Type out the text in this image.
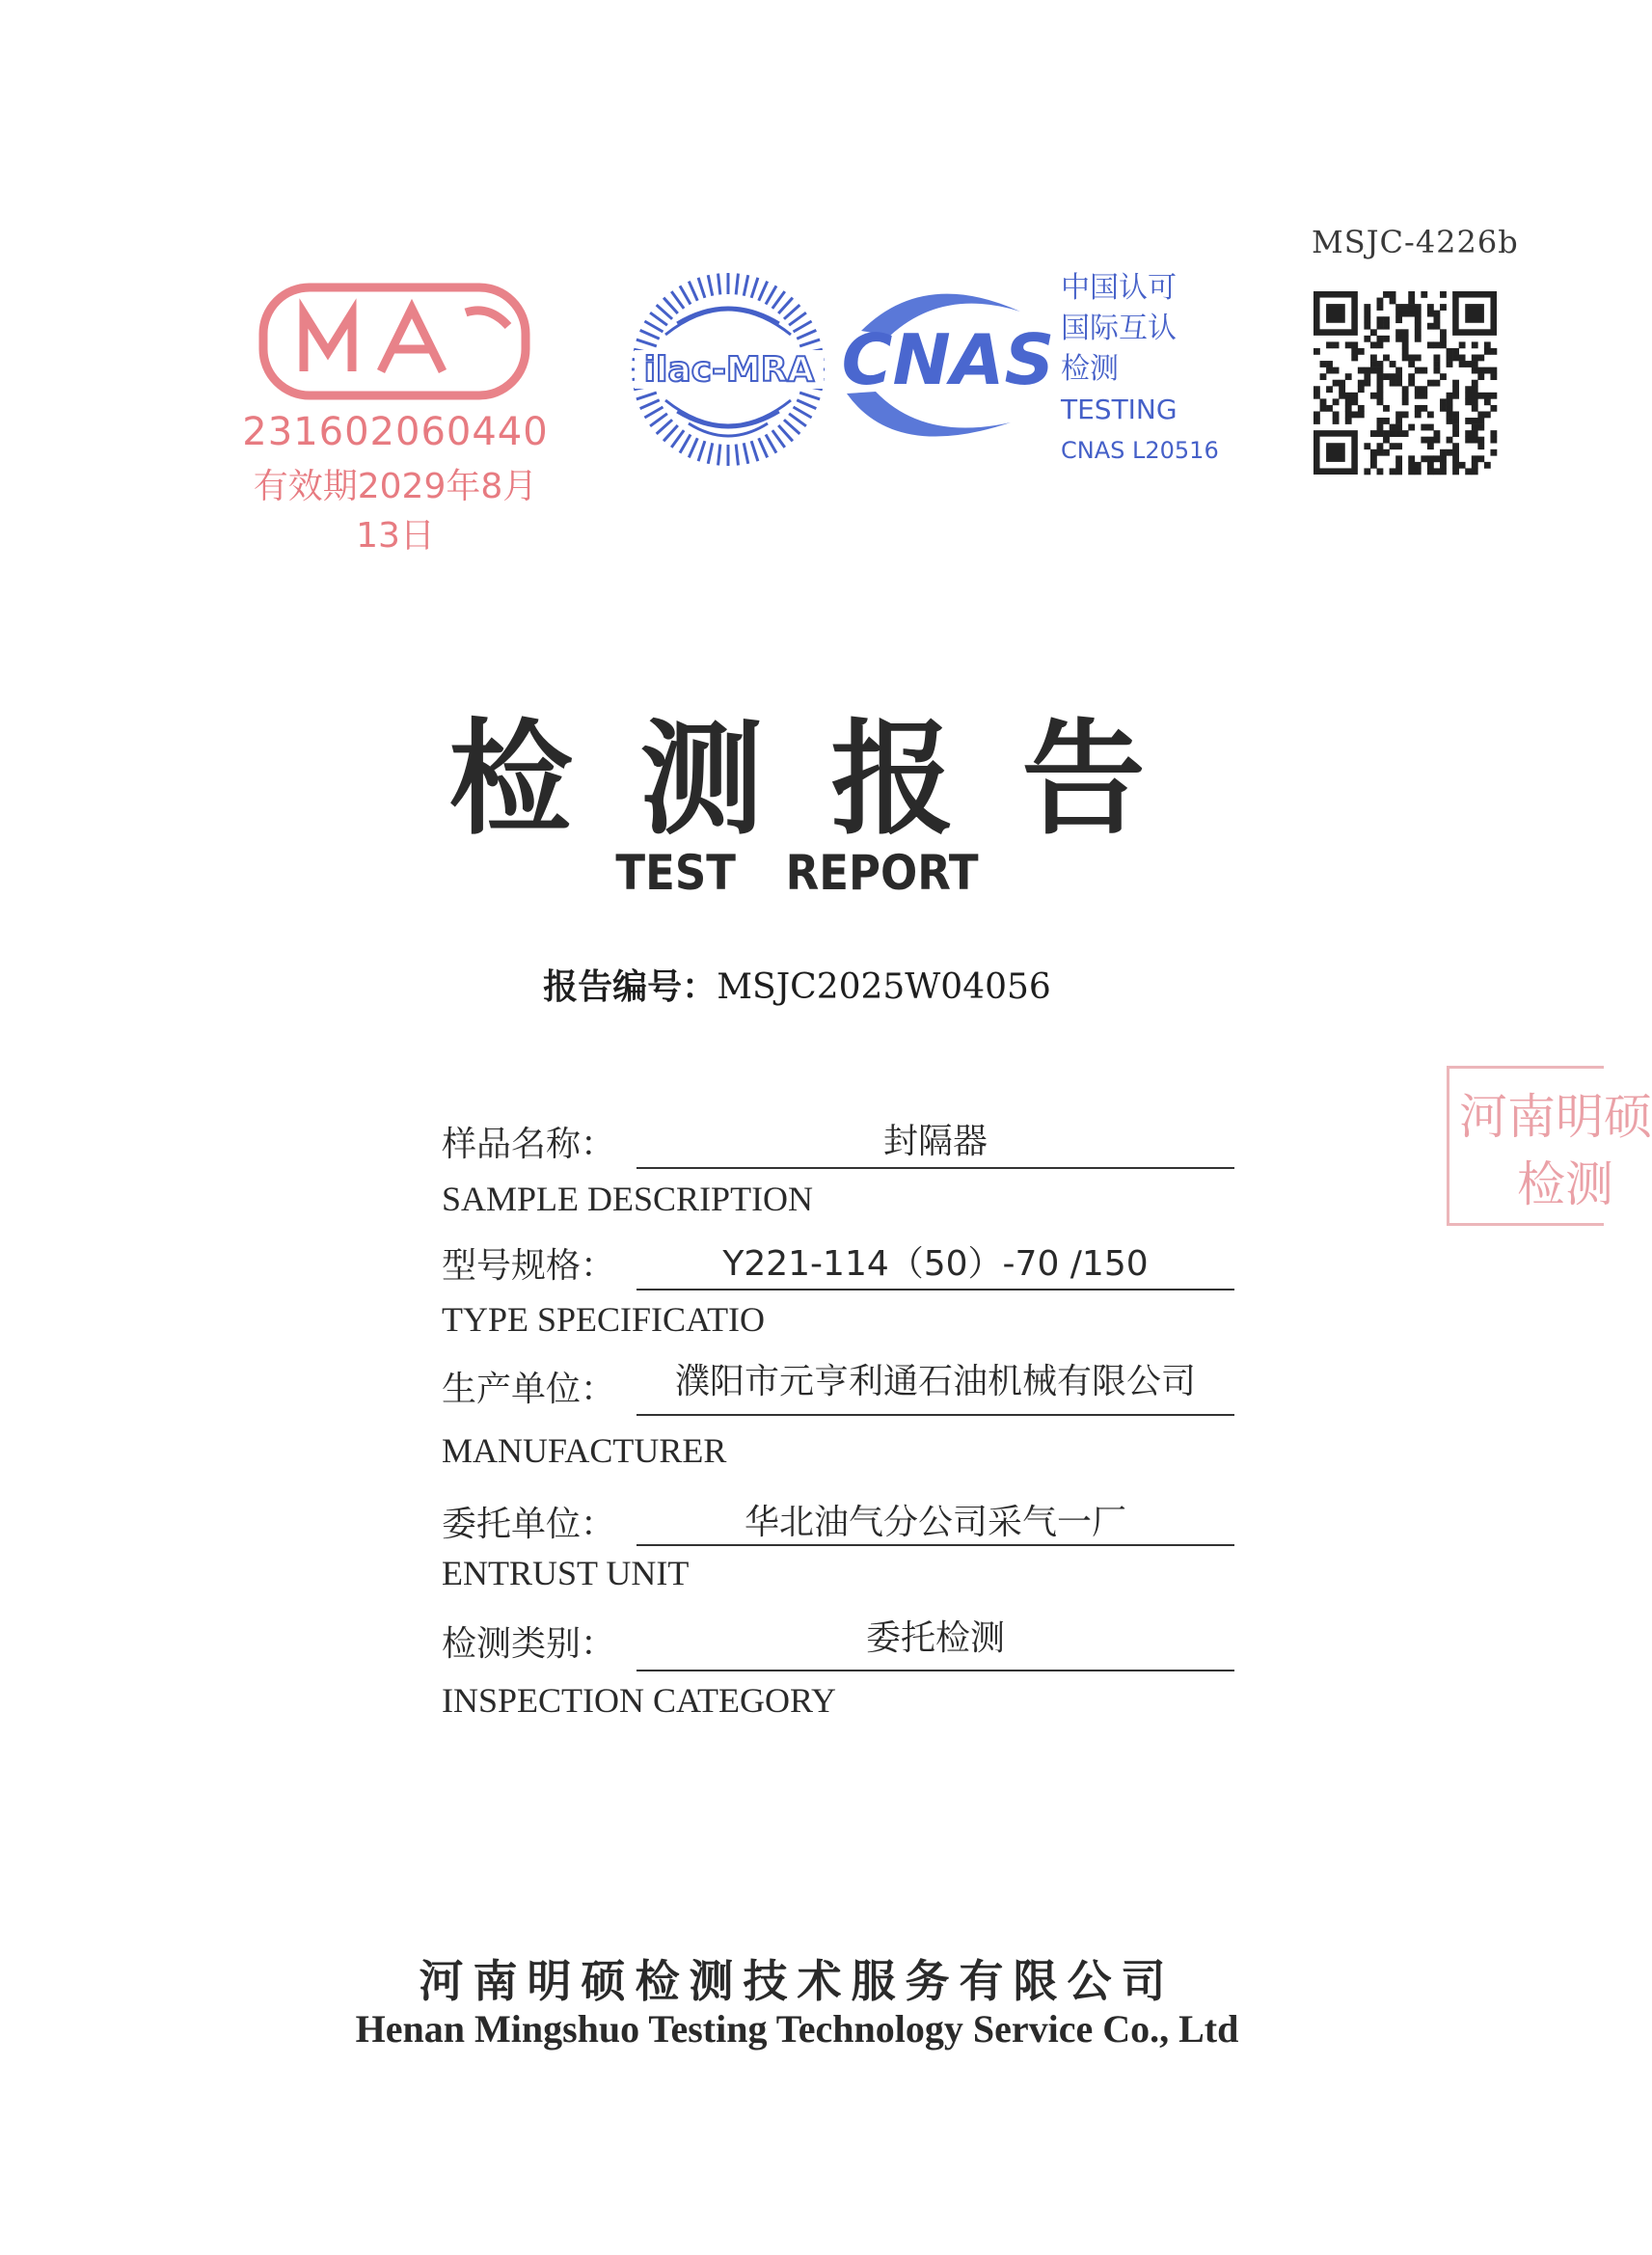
MSJC-4226b
231602060440
有效期2029年8月13日
ilac-MRA CNAS
中国认可
国际互认
检测
TESTING
CNAS L20516
检测报告
TEST REPORT
报告编号：MSJC2025W04056
河南明硕
检测
样品名称：	封隔器
SAMPLE DESCRIPTION
型号规格：	Y221-114（50）-70 /150
TYPE SPECIFICATIO
生产单位：	濮阳市元亨利通石油机械有限公司
MANUFACTURER
委托单位：	华北油气分公司采气一厂
ENTRUST UNIT
检测类别：	委托检测
INSPECTION CATEGORY
河南明硕检测技术服务有限公司
Henan Mingshuo Testing Technology Service Co., Ltd
